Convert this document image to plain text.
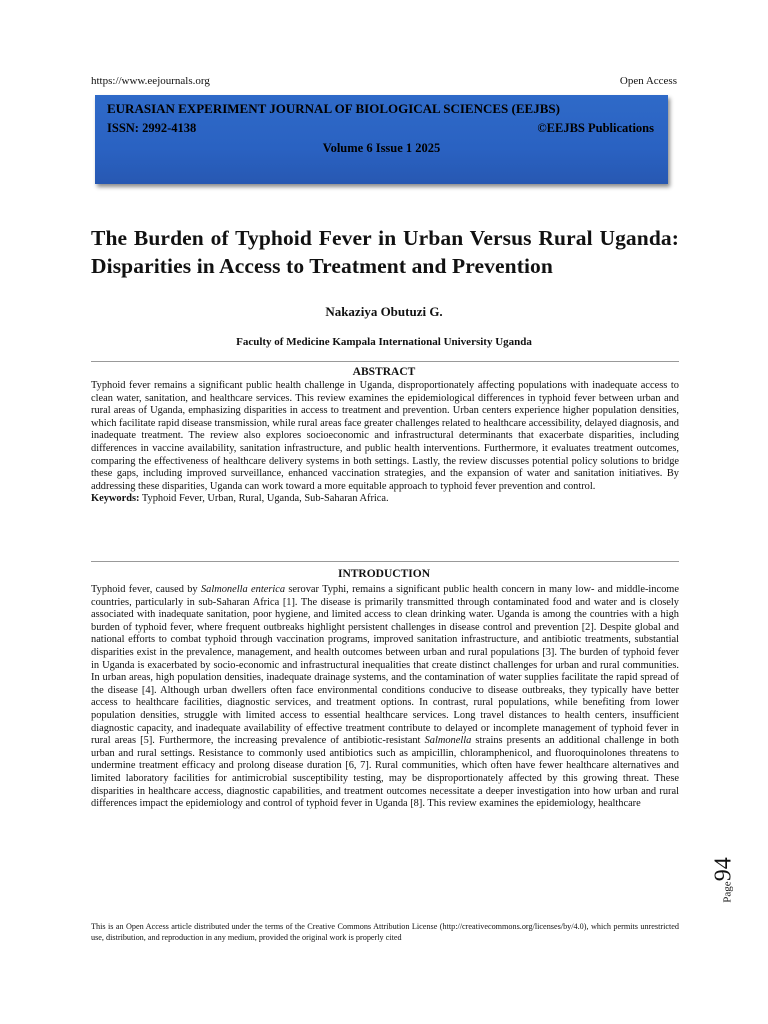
https://www.eejournals.org	Open Access
EURASIAN EXPERIMENT JOURNAL OF BIOLOGICAL SCIENCES (EEJBS)
ISSN: 2992-4138	©EEJBS Publications
Volume 6 Issue 1 2025
The Burden of Typhoid Fever in Urban Versus Rural Uganda: Disparities in Access to Treatment and Prevention
Nakaziya Obutuzi G.
Faculty of Medicine Kampala International University Uganda
ABSTRACT
Typhoid fever remains a significant public health challenge in Uganda, disproportionately affecting populations with inadequate access to clean water, sanitation, and healthcare services. This review examines the epidemiological differences in typhoid fever between urban and rural areas of Uganda, emphasizing disparities in access to treatment and prevention. Urban centers experience higher population densities, which facilitate rapid disease transmission, while rural areas face greater challenges related to healthcare accessibility, delayed diagnosis, and inadequate treatment. The review also explores socioeconomic and infrastructural determinants that exacerbate disparities, including differences in vaccine availability, sanitation infrastructure, and public health interventions. Furthermore, it evaluates treatment outcomes, comparing the effectiveness of healthcare delivery systems in both settings. Lastly, the review discusses potential policy solutions to bridge these gaps, including improved surveillance, enhanced vaccination strategies, and the expansion of water and sanitation initiatives. By addressing these disparities, Uganda can work toward a more equitable approach to typhoid fever prevention and control.
Keywords: Typhoid Fever, Urban, Rural, Uganda, Sub-Saharan Africa.
INTRODUCTION
Typhoid fever, caused by Salmonella enterica serovar Typhi, remains a significant public health concern in many low- and middle-income countries, particularly in sub-Saharan Africa [1]. The disease is primarily transmitted through contaminated food and water and is closely associated with inadequate sanitation, poor hygiene, and limited access to clean drinking water. Uganda is among the countries with a high burden of typhoid fever, where frequent outbreaks highlight persistent challenges in disease control and prevention [2]. Despite global and national efforts to combat typhoid through vaccination programs, improved sanitation infrastructure, and antibiotic treatments, substantial disparities exist in the prevalence, management, and health outcomes between urban and rural populations [3]. The burden of typhoid fever in Uganda is exacerbated by socio-economic and infrastructural inequalities that create distinct challenges for urban and rural communities. In urban areas, high population densities, inadequate drainage systems, and the contamination of water supplies facilitate the rapid spread of the disease [4]. Although urban dwellers often face environmental conditions conducive to disease outbreaks, they typically have better access to healthcare facilities, diagnostic services, and treatment options. In contrast, rural populations, while benefiting from lower population densities, struggle with limited access to essential healthcare services. Long travel distances to health centers, insufficient diagnostic capacity, and inadequate availability of effective treatment contribute to delayed or incomplete management of typhoid fever in rural areas [5]. Furthermore, the increasing prevalence of antibiotic-resistant Salmonella strains presents an additional challenge in both urban and rural settings. Resistance to commonly used antibiotics such as ampicillin, chloramphenicol, and fluoroquinolones threatens to undermine treatment efficacy and prolong disease duration [6, 7]. Rural communities, which often have fewer healthcare alternatives and limited laboratory facilities for antimicrobial susceptibility testing, may be disproportionately affected by this growing threat. These disparities in healthcare access, diagnostic capabilities, and treatment outcomes necessitate a deeper investigation into how urban and rural differences impact the epidemiology and control of typhoid fever in Uganda [8]. This review examines the epidemiology, healthcare
This is an Open Access article distributed under the terms of the Creative Commons Attribution License (http://creativecommons.org/licenses/by/4.0), which permits unrestricted use, distribution, and reproduction in any medium, provided the original work is properly cited
Page94
